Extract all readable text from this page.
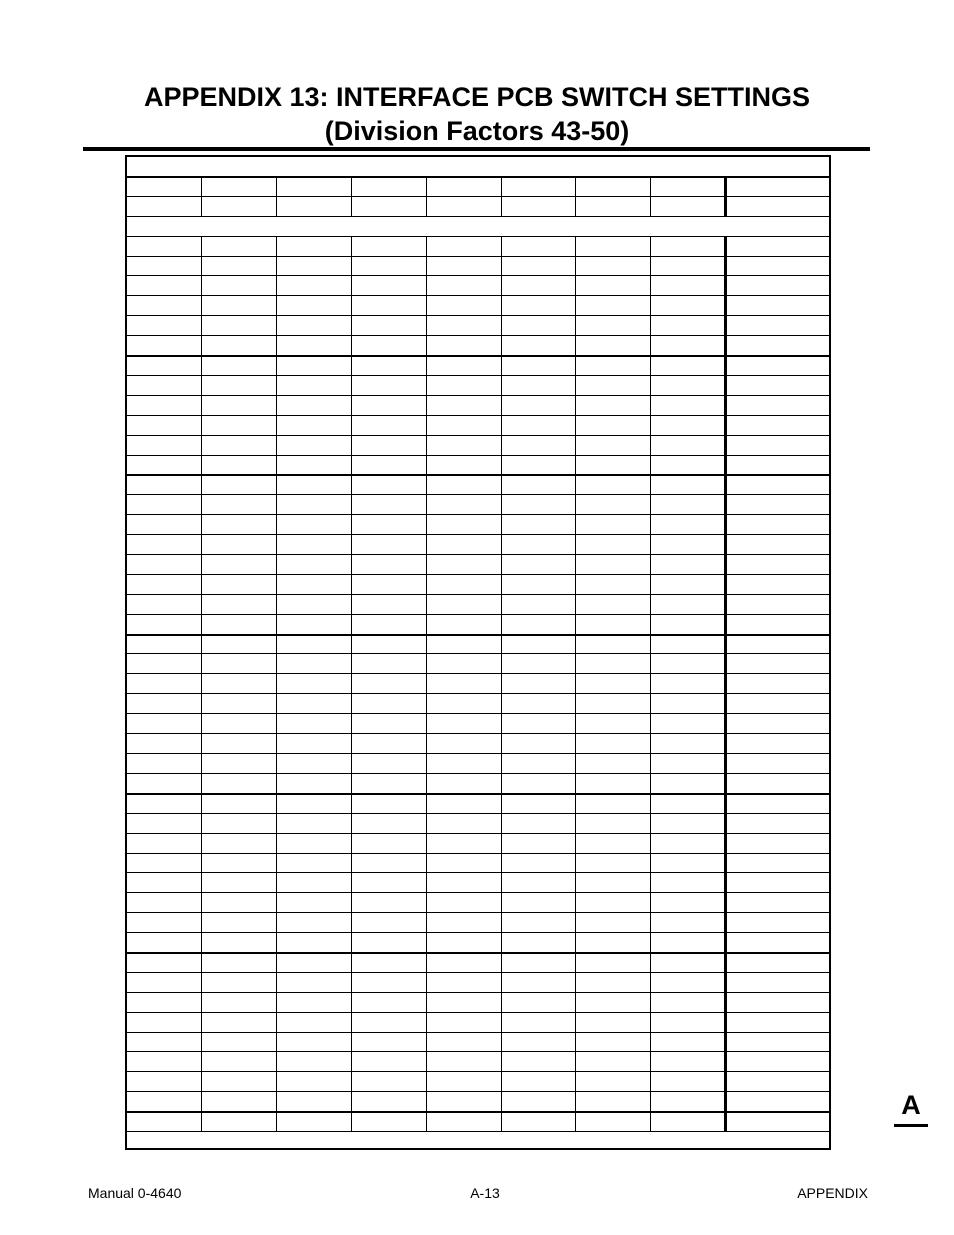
APPENDIX 13: INTERFACE PCB SWITCH SETTINGS
(Division Factors 43-50)
Manual 0-4640	A-13	APPENDIX
A
